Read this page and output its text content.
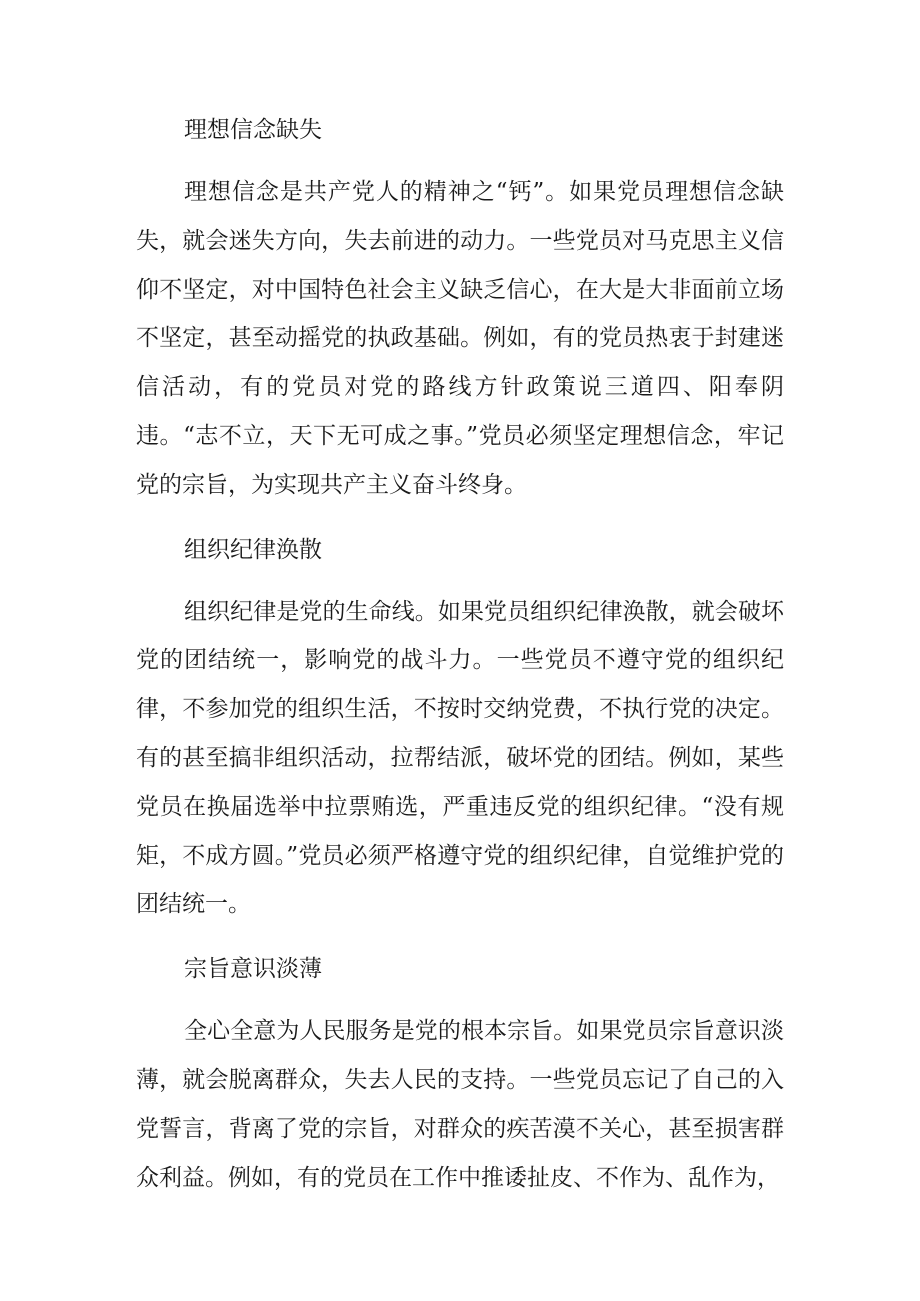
理想信念缺失

理想信念是共产党人的精神之“钙”。如果党员理想信念缺失，就会迷失方向，失去前进的动力。一些党员对马克思主义信仰不坚定，对中国特色社会主义缺乏信心，在大是大非面前立场不坚定，甚至动摇党的执政基础。例如，有的党员热衷于封建迷信活动，有的党员对党的路线方针政策说三道四、阳奉阴违。“志不立，天下无可成之事。”党员必须坚定理想信念，牢记党的宗旨，为实现共产主义奋斗终身。

组织纪律涣散

组织纪律是党的生命线。如果党员组织纪律涣散，就会破坏党的团结统一，影响党的战斗力。一些党员不遵守党的组织纪律，不参加党的组织生活，不按时交纳党费，不执行党的决定。有的甚至搞非组织活动，拉帮结派，破坏党的团结。例如，某些党员在换届选举中拉票贿选，严重违反党的组织纪律。“没有规矩，不成方圆。”党员必须严格遵守党的组织纪律，自觉维护党的团结统一。

宗旨意识淡薄

全心全意为人民服务是党的根本宗旨。如果党员宗旨意识淡薄，就会脱离群众，失去人民的支持。一些党员忘记了自己的入党誓言，背离了党的宗旨，对群众的疾苦漠不关心，甚至损害群众利益。例如，有的党员在工作中推诿扯皮、不作为、乱作为，
